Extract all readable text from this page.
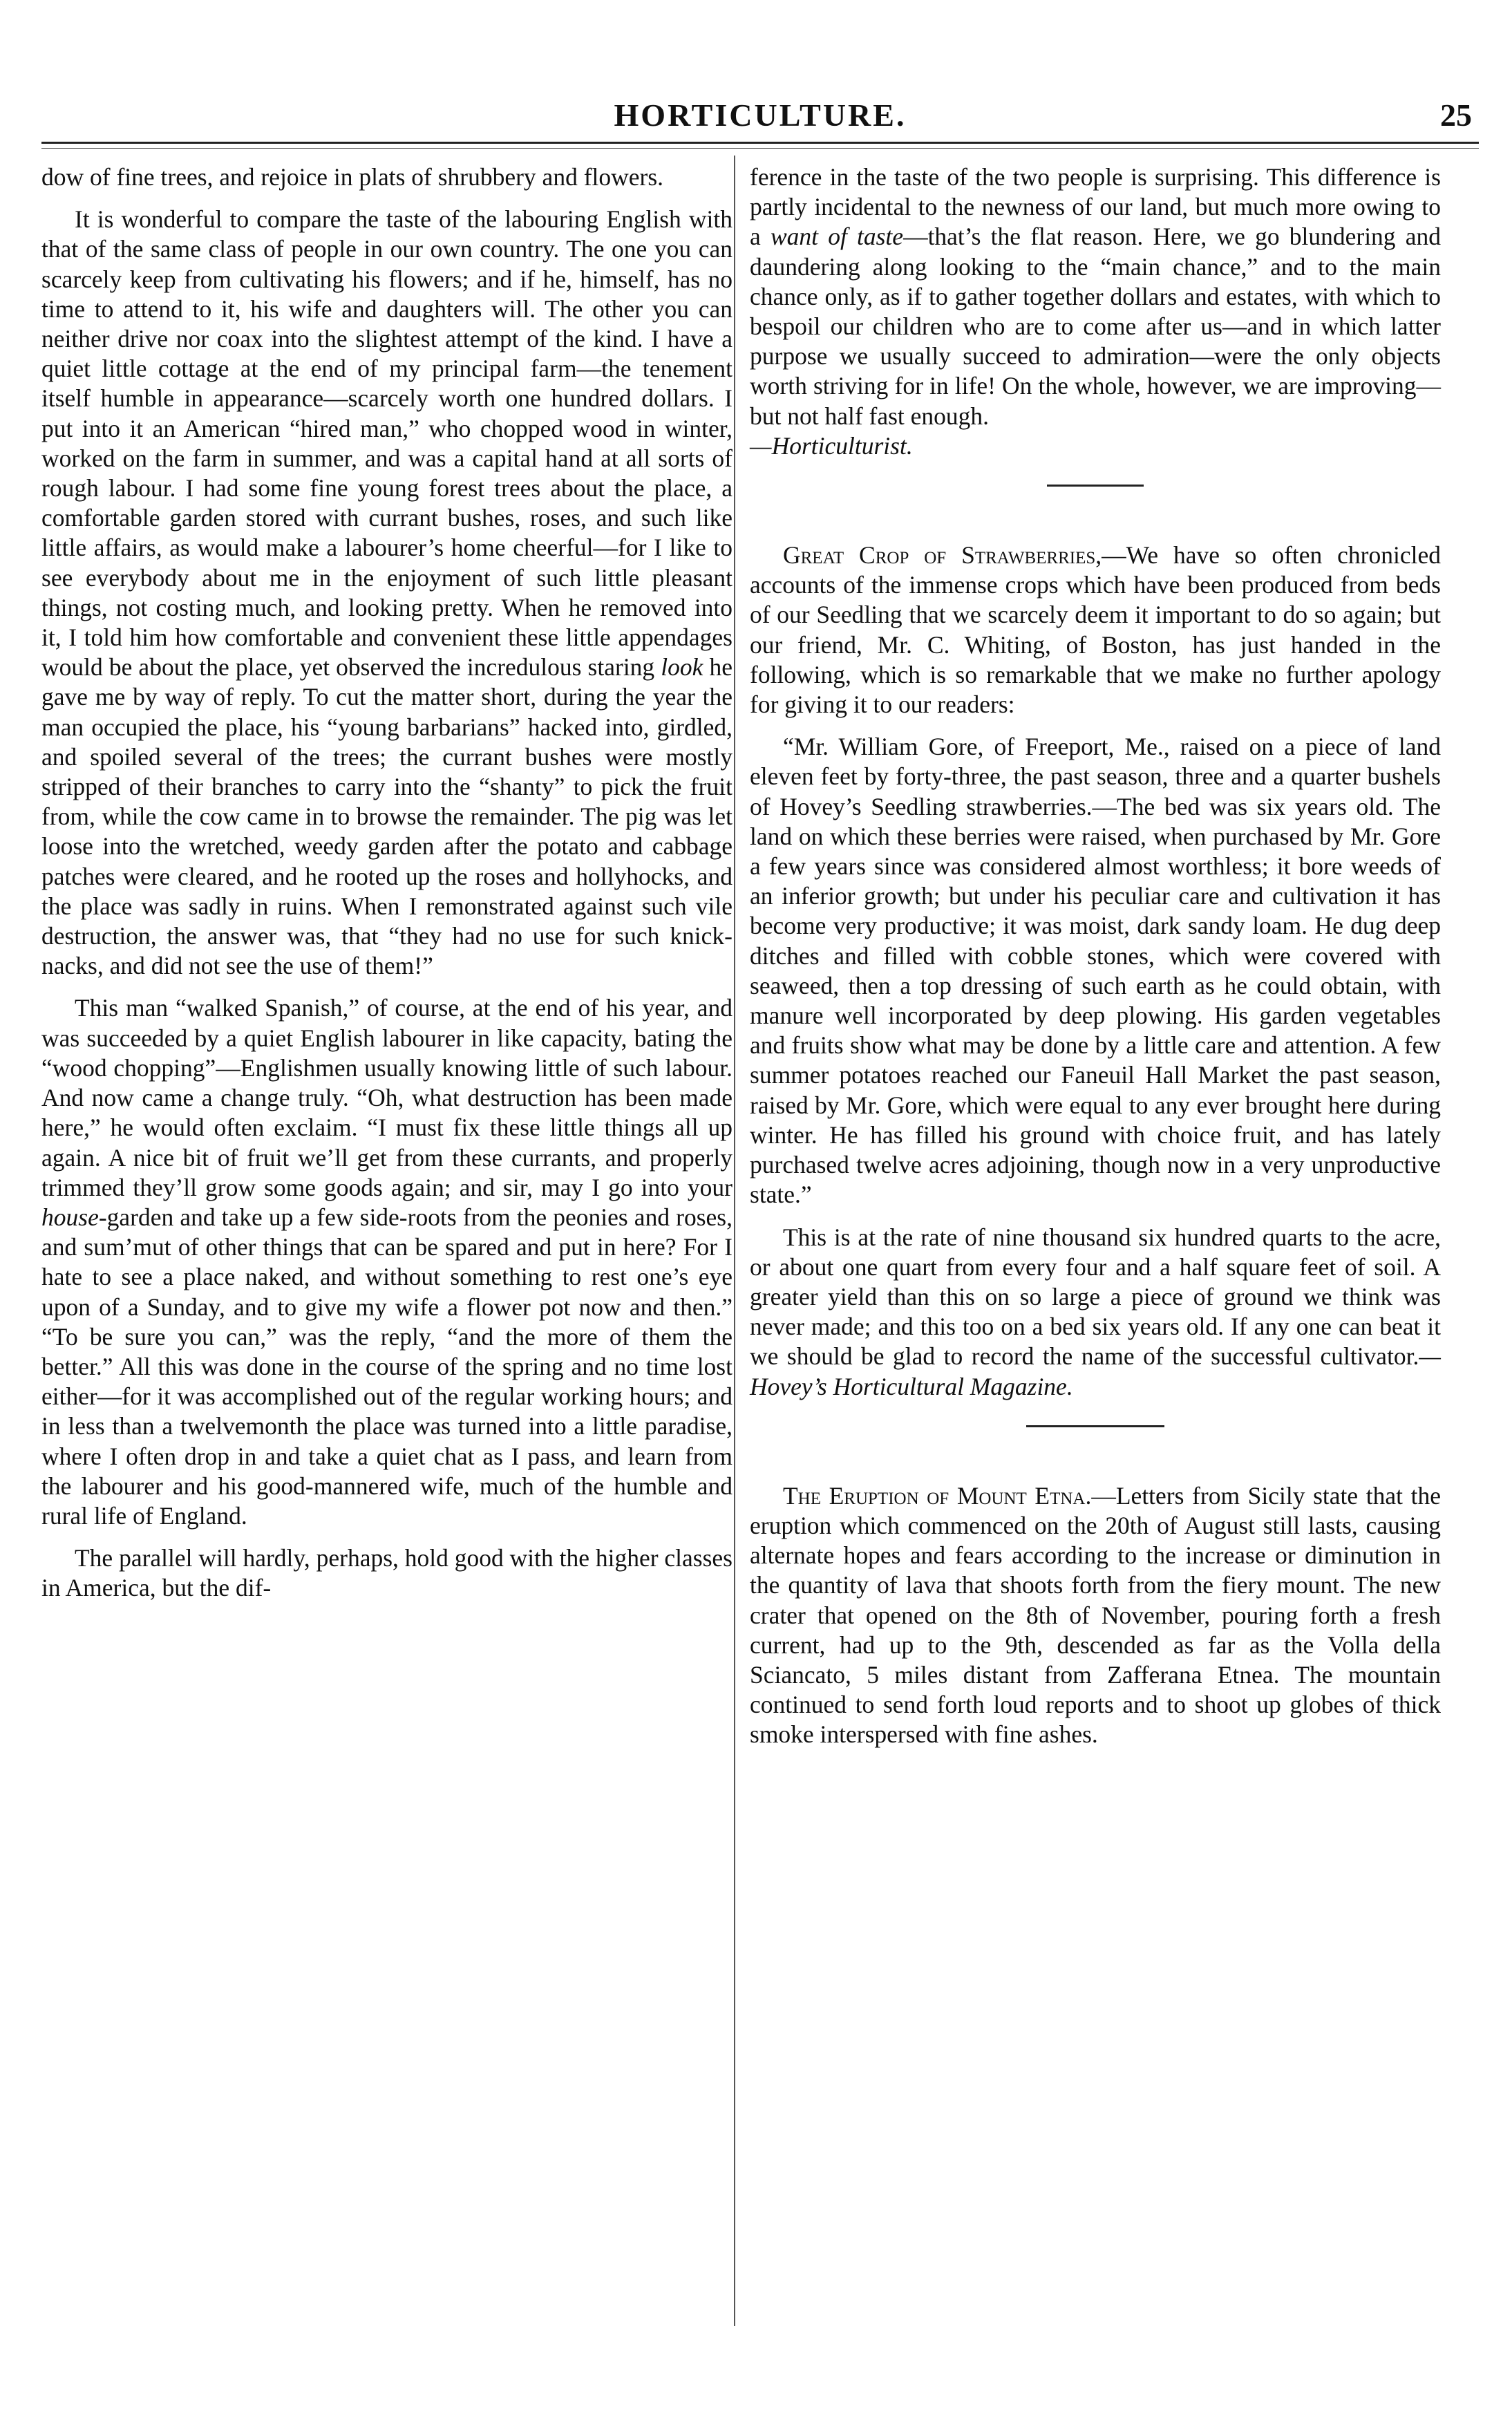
HORTICULTURE.	25

dow of fine trees, and rejoice in plats of shrubbery and flowers.

It is wonderful to compare the taste of the labouring English with that of the same class of people in our own country. The one you can scarcely keep from cultivating his flowers; and if he, himself, has no time to attend to it, his wife and daughters will. The other you can neither drive nor coax into the slightest attempt of the kind. I have a quiet little cottage at the end of my principal farm—the tenement itself humble in appearance—scarcely worth one hundred dollars. I put into it an American “hired man,” who chopped wood in winter, worked on the farm in summer, and was a capital hand at all sorts of rough labour. I had some fine young forest trees about the place, a comfortable garden stored with currant bushes, roses, and such like little affairs, as would make a labourer’s home cheerful—for I like to see everybody about me in the enjoyment of such little pleasant things, not costing much, and looking pretty. When he removed into it, I told him how comfortable and convenient these little appendages would be about the place, yet observed the incredulous staring look he gave me by way of reply. To cut the matter short, during the year the man occupied the place, his “young barbarians” hacked into, girdled, and spoiled several of the trees; the currant bushes were mostly stripped of their branches to carry into the “shanty” to pick the fruit from, while the cow came in to browse the remainder. The pig was let loose into the wretched, weedy garden after the potato and cabbage patches were cleared, and he rooted up the roses and hollyhocks, and the place was sadly in ruins. When I remonstrated against such vile destruction, the answer was, that “they had no use for such knick-nacks, and did not see the use of them!”

This man “walked Spanish,” of course, at the end of his year, and was succeeded by a quiet English labourer in like capacity, bating the “wood chopping”—Englishmen usually knowing little of such labour. And now came a change truly. “Oh, what destruction has been made here,” he would often exclaim. “I must fix these little things all up again. A nice bit of fruit we’ll get from these currants, and properly trimmed they’ll grow some goods again; and sir, may I go into your house-garden and take up a few side-roots from the peonies and roses, and sum’mut of other things that can be spared and put in here? For I hate to see a place naked, and without something to rest one’s eye upon of a Sunday, and to give my wife a flower pot now and then.” “To be sure you can,” was the reply, “and the more of them the better.” All this was done in the course of the spring and no time lost either—for it was accomplished out of the regular working hours; and in less than a twelvemonth the place was turned into a little paradise, where I often drop in and take a quiet chat as I pass, and learn from the labourer and his good-mannered wife, much of the humble and rural life of England.

The parallel will hardly, perhaps, hold good with the higher classes in America, but the dif-

ference in the taste of the two people is surprising. This difference is partly incidental to the newness of our land, but much more owing to a want of taste—that’s the flat reason. Here, we go blundering and daundering along looking to the “main chance,” and to the main chance only, as if to gather together dollars and estates, with which to bespoil our children who are to come after us—and in which latter purpose we usually succeed to admiration—were the only objects worth striving for in life! On the whole, however, we are improving—but not half fast enough.
—Horticulturist.

Great Crop of Strawberries,—We have so often chronicled accounts of the immense crops which have been produced from beds of our Seedling that we scarcely deem it important to do so again; but our friend, Mr. C. Whiting, of Boston, has just handed in the following, which is so remarkable that we make no further apology for giving it to our readers:

“Mr. William Gore, of Freeport, Me., raised on a piece of land eleven feet by forty-three, the past season, three and a quarter bushels of Hovey’s Seedling strawberries.—The bed was six years old. The land on which these berries were raised, when purchased by Mr. Gore a few years since was considered almost worthless; it bore weeds of an inferior growth; but under his peculiar care and cultivation it has become very productive; it was moist, dark sandy loam. He dug deep ditches and filled with cobble stones, which were covered with seaweed, then a top dressing of such earth as he could obtain, with manure well incorporated by deep plowing. His garden vegetables and fruits show what may be done by a little care and attention. A few summer potatoes reached our Faneuil Hall Market the past season, raised by Mr. Gore, which were equal to any ever brought here during winter. He has filled his ground with choice fruit, and has lately purchased twelve acres adjoining, though now in a very unproductive state.”

This is at the rate of nine thousand six hundred quarts to the acre, or about one quart from every four and a half square feet of soil. A greater yield than this on so large a piece of ground we think was never made; and this too on a bed six years old. If any one can beat it we should be glad to record the name of the successful cultivator.—Hovey’s Horticultural Magazine.

The Eruption of Mount Etna.—Letters from Sicily state that the eruption which commenced on the 20th of August still lasts, causing alternate hopes and fears according to the increase or diminution in the quantity of lava that shoots forth from the fiery mount. The new crater that opened on the 8th of November, pouring forth a fresh current, had up to the 9th, descended as far as the Volla della Sciancato, 5 miles distant from Zafferana Etnea. The mountain continued to send forth loud reports and to shoot up globes of thick smoke interspersed with fine ashes.
